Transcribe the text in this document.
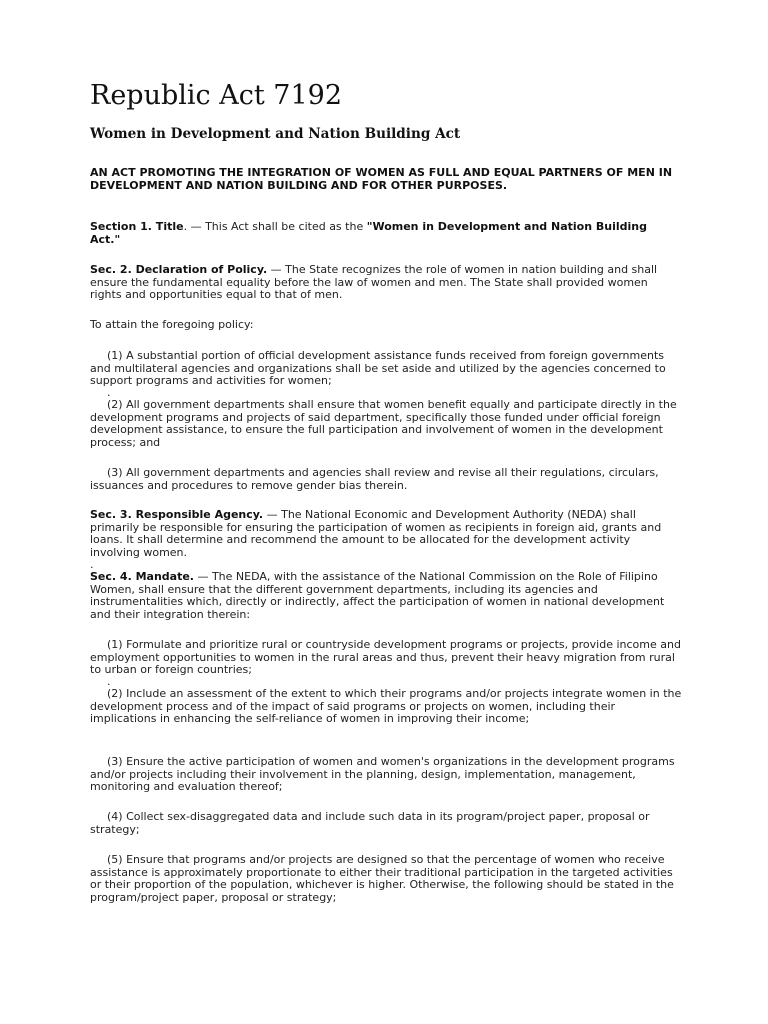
Republic Act 7192
Women in Development and Nation Building Act

AN ACT PROMOTING THE INTEGRATION OF WOMEN AS FULL AND EQUAL PARTNERS OF MEN IN DEVELOPMENT AND NATION BUILDING AND FOR OTHER PURPOSES.

Section 1. Title. — This Act shall be cited as the "Women in Development and Nation Building Act."

Sec. 2. Declaration of Policy. — The State recognizes the role of women in nation building and shall ensure the fundamental equality before the law of women and men. The State shall provided women rights and opportunities equal to that of men.

To attain the foregoing policy:

(1) A substantial portion of official development assistance funds received from foreign governments and multilateral agencies and organizations shall be set aside and utilized by the agencies concerned to support programs and activities for women;

.

(2) All government departments shall ensure that women benefit equally and participate directly in the development programs and projects of said department, specifically those funded under official foreign development assistance, to ensure the full participation and involvement of women in the development process; and

(3) All government departments and agencies shall review and revise all their regulations, circulars, issuances and procedures to remove gender bias therein.

Sec. 3. Responsible Agency. — The National Economic and Development Authority (NEDA) shall primarily be responsible for ensuring the participation of women as recipients in foreign aid, grants and loans. It shall determine and recommend the amount to be allocated for the development activity involving women.

.

Sec. 4. Mandate. — The NEDA, with the assistance of the National Commission on the Role of Filipino Women, shall ensure that the different government departments, including its agencies and instrumentalities which, directly or indirectly, affect the participation of women in national development and their integration therein:

(1) Formulate and prioritize rural or countryside development programs or projects, provide income and employment opportunities to women in the rural areas and thus, prevent their heavy migration from rural to urban or foreign countries;

.

(2) Include an assessment of the extent to which their programs and/or projects integrate women in the development process and of the impact of said programs or projects on women, including their implications in enhancing the self-reliance of women in improving their income;

(3) Ensure the active participation of women and women's organizations in the development programs and/or projects including their involvement in the planning, design, implementation, management, monitoring and evaluation thereof;

(4) Collect sex-disaggregated data and include such data in its program/project paper, proposal or strategy;

(5) Ensure that programs and/or projects are designed so that the percentage of women who receive assistance is approximately proportionate to either their traditional participation in the targeted activities or their proportion of the population, whichever is higher. Otherwise, the following should be stated in the program/project paper, proposal or strategy;
